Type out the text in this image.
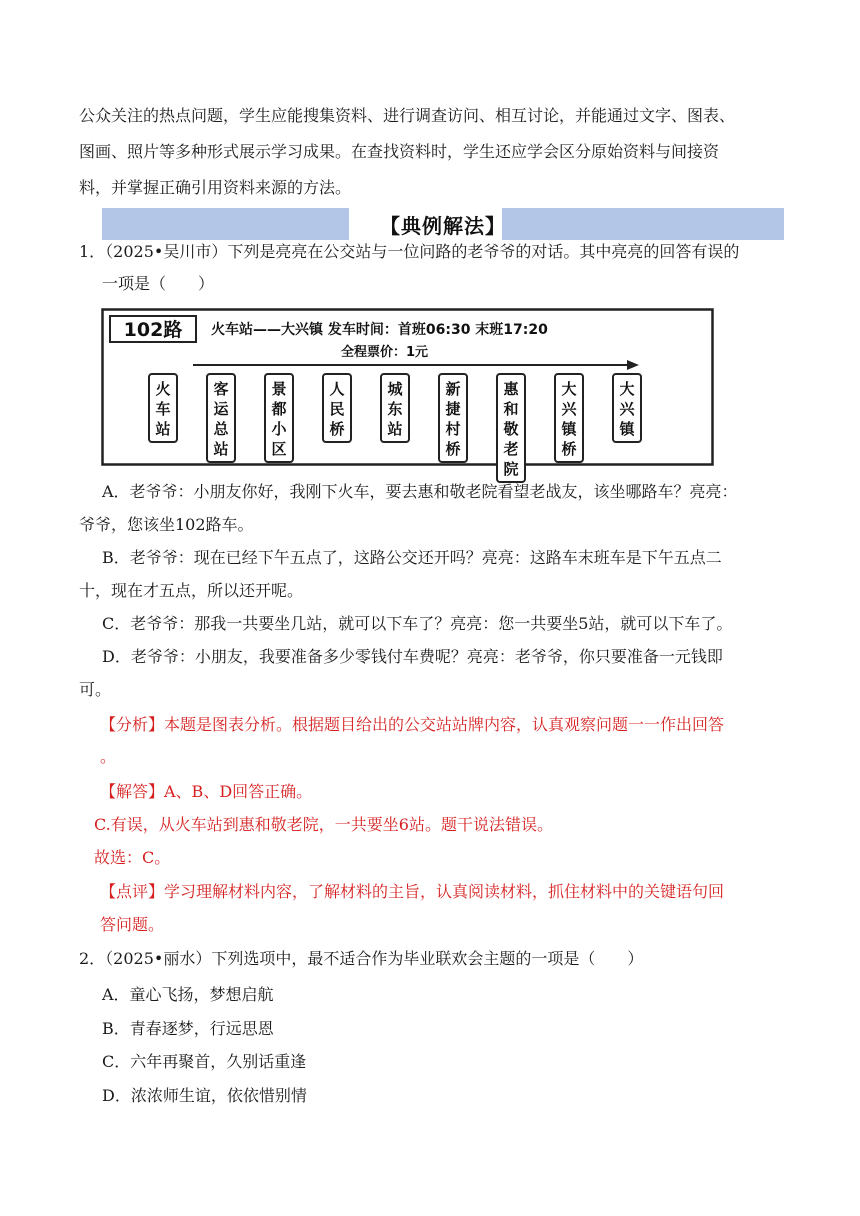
公众关注的热点问题，学生应能搜集资料、进行调查访问、相互讨论，并能通过文字、图表、
图画、照片等多种形式展示学习成果。在查找资料时，学生还应学会区分原始资料与间接资
料，并掌握正确引用资料来源的方法。
【典例解法】
1．（2025•吴川市）下列是亮亮在公交站与一位问路的老爷爷的对话。其中亮亮的回答有误的
一项是（　　）
102路 火车站——大兴镇 发车时间：首班06:30 末班17:20
全程票价：1元
火车站
客运总站
景都小区
人民桥
城东站
新捷村桥
惠和敬老院
大兴镇桥
大兴镇
A．老爷爷：小朋友你好，我刚下火车，要去惠和敬老院看望老战友，该坐哪路车？亮亮：
爷爷，您该坐102路车。
B．老爷爷：现在已经下午五点了，这路公交还开吗？亮亮：这路车末班车是下午五点二
十，现在才五点，所以还开呢。
C．老爷爷：那我一共要坐几站，就可以下车了？亮亮：您一共要坐5站，就可以下车了。
D．老爷爷：小朋友，我要准备多少零钱付车费呢？亮亮：老爷爷，你只要准备一元钱即
可。
【分析】本题是图表分析。根据题目给出的公交站站牌内容，认真观察问题一一作出回答
。
【解答】A、B、D回答正确。
C.有误，从火车站到惠和敬老院，一共要坐6站。题干说法错误。
故选：C。
【点评】学习理解材料内容，了解材料的主旨，认真阅读材料，抓住材料中的关键语句回
答问题。
2．（2025•丽水）下列选项中，最不适合作为毕业联欢会主题的一项是（　　）
A．童心飞扬，梦想启航
B．青春逐梦，行远思恩
C．六年再聚首，久别话重逢
D．浓浓师生谊，依依惜别情
